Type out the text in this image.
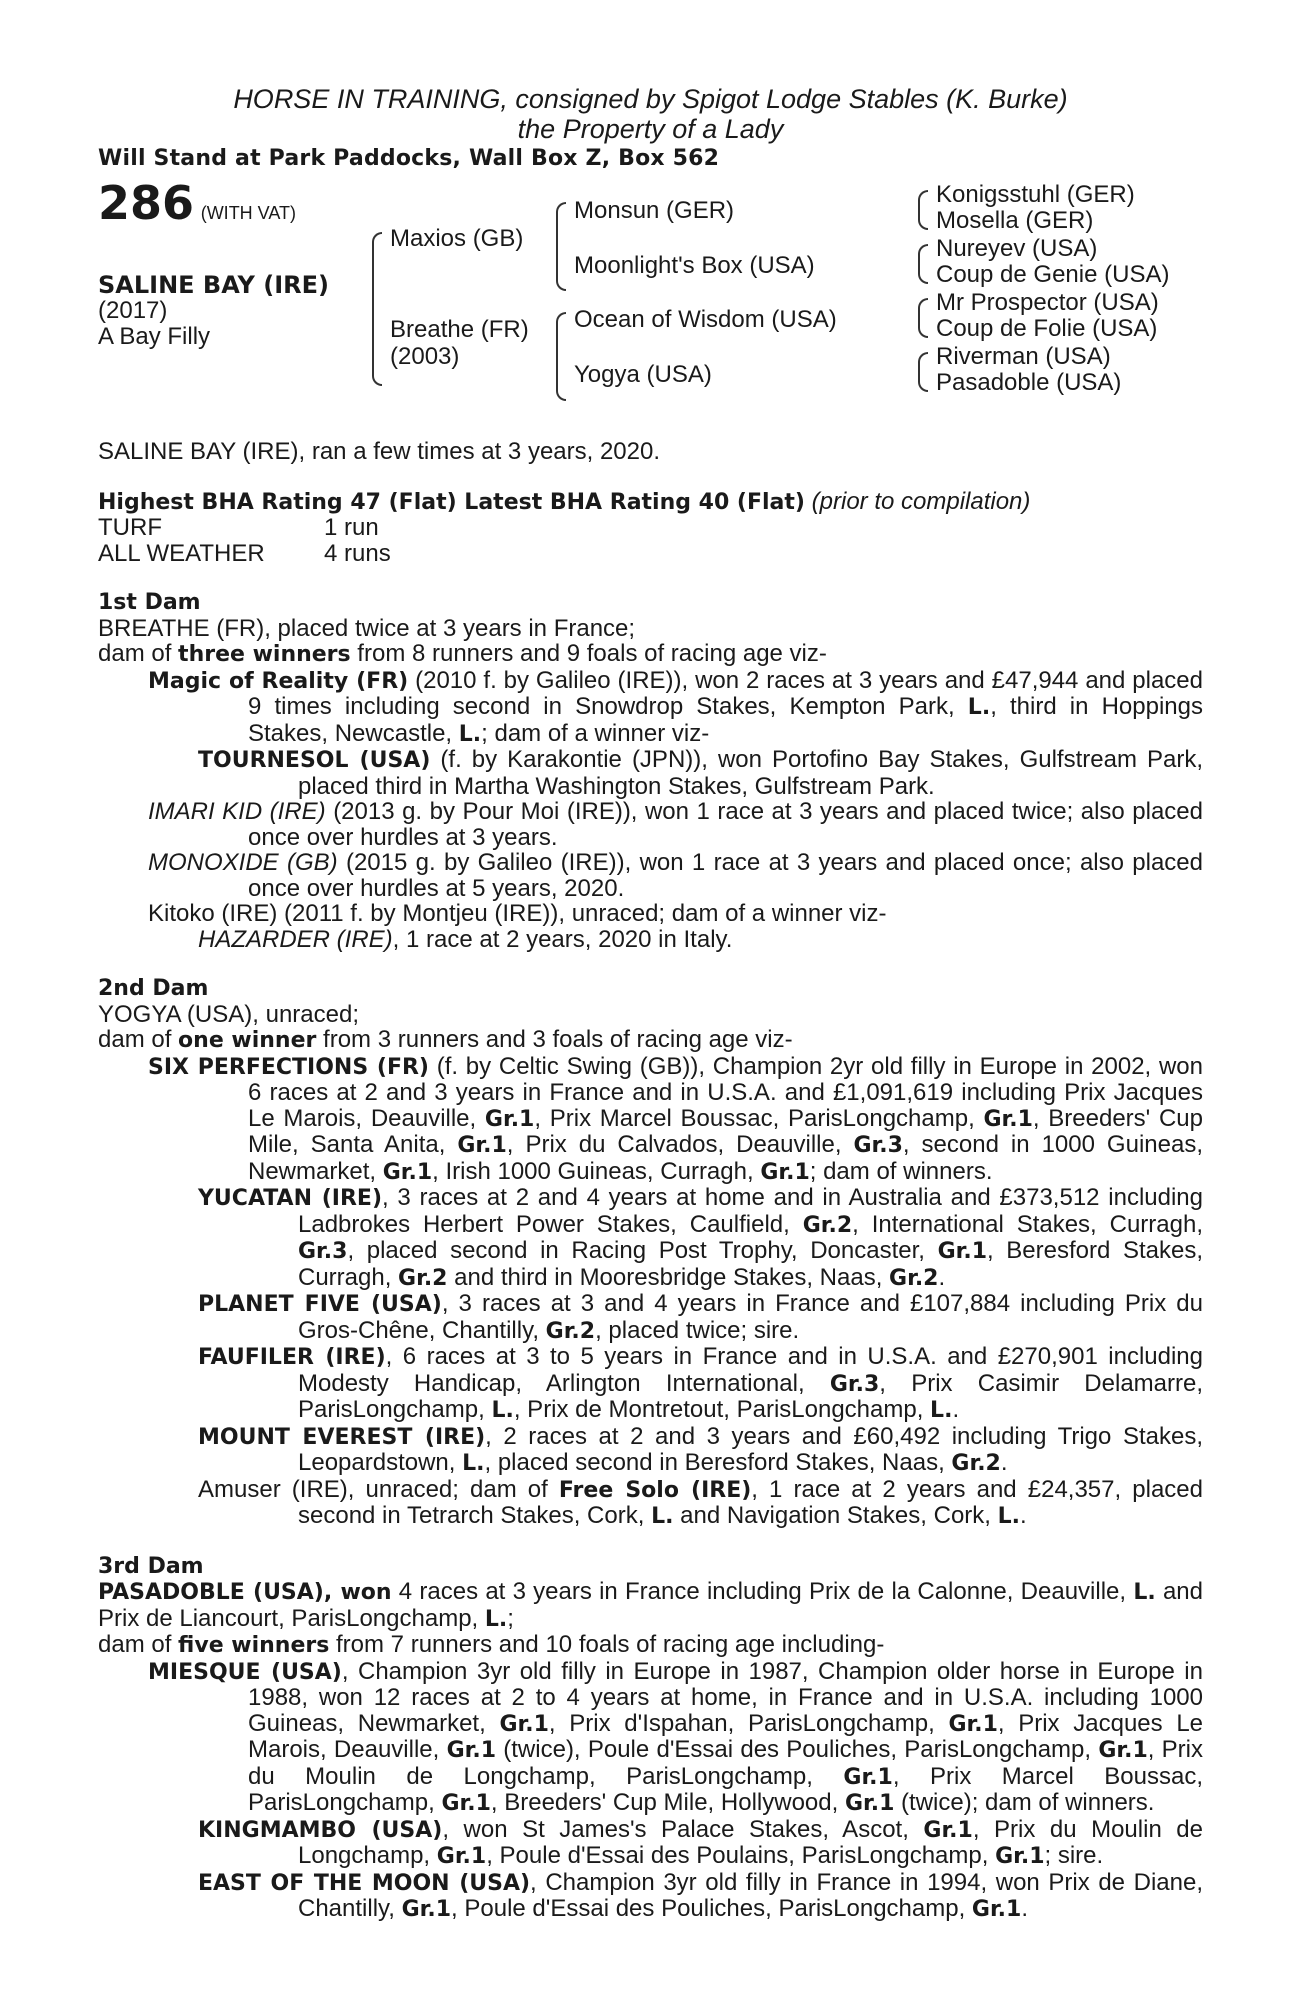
HORSE IN TRAINING, consigned by Spigot Lodge Stables (K. Burke)
the Property of a Lady
Will Stand at Park Paddocks, Wall Box Z, Box 562
286 (WITH VAT)
SALINE BAY (IRE)
(2017)
A Bay Filly
Maxios (GB)
Breathe (FR)
(2003)
Monsun (GER)
Moonlight's Box (USA)
Ocean of Wisdom (USA)
Yogya (USA)
Konigsstuhl (GER)
Mosella (GER)
Nureyev (USA)
Coup de Genie (USA)
Mr Prospector (USA)
Coup de Folie (USA)
Riverman (USA)
Pasadoble (USA)
SALINE BAY (IRE), ran a few times at 3 years, 2020.
Highest BHA Rating 47 (Flat) Latest BHA Rating 40 (Flat) (prior to compilation)
TURF	1 run
ALL WEATHER	4 runs
1st Dam
BREATHE (FR), placed twice at 3 years in France;
dam of three winners from 8 runners and 9 foals of racing age viz-
Magic of Reality (FR) (2010 f. by Galileo (IRE)), won 2 races at 3 years and £47,944 and placed 9 times including second in Snowdrop Stakes, Kempton Park, L., third in Hoppings Stakes, Newcastle, L.; dam of a winner viz-
TOURNESOL (USA) (f. by Karakontie (JPN)), won Portofino Bay Stakes, Gulfstream Park, placed third in Martha Washington Stakes, Gulfstream Park.
IMARI KID (IRE) (2013 g. by Pour Moi (IRE)), won 1 race at 3 years and placed twice; also placed once over hurdles at 3 years.
MONOXIDE (GB) (2015 g. by Galileo (IRE)), won 1 race at 3 years and placed once; also placed once over hurdles at 5 years, 2020.
Kitoko (IRE) (2011 f. by Montjeu (IRE)), unraced; dam of a winner viz-
HAZARDER (IRE), 1 race at 2 years, 2020 in Italy.
2nd Dam
YOGYA (USA), unraced;
dam of one winner from 3 runners and 3 foals of racing age viz-
SIX PERFECTIONS (FR) (f. by Celtic Swing (GB)), Champion 2yr old filly in Europe in 2002, won 6 races at 2 and 3 years in France and in U.S.A. and £1,091,619 including Prix Jacques Le Marois, Deauville, Gr.1, Prix Marcel Boussac, ParisLongchamp, Gr.1, Breeders' Cup Mile, Santa Anita, Gr.1, Prix du Calvados, Deauville, Gr.3, second in 1000 Guineas, Newmarket, Gr.1, Irish 1000 Guineas, Curragh, Gr.1; dam of winners.
YUCATAN (IRE), 3 races at 2 and 4 years at home and in Australia and £373,512 including Ladbrokes Herbert Power Stakes, Caulfield, Gr.2, International Stakes, Curragh, Gr.3, placed second in Racing Post Trophy, Doncaster, Gr.1, Beresford Stakes, Curragh, Gr.2 and third in Mooresbridge Stakes, Naas, Gr.2.
PLANET FIVE (USA), 3 races at 3 and 4 years in France and £107,884 including Prix du Gros-Chêne, Chantilly, Gr.2, placed twice; sire.
FAUFILER (IRE), 6 races at 3 to 5 years in France and in U.S.A. and £270,901 including Modesty Handicap, Arlington International, Gr.3, Prix Casimir Delamarre, ParisLongchamp, L., Prix de Montretout, ParisLongchamp, L..
MOUNT EVEREST (IRE), 2 races at 2 and 3 years and £60,492 including Trigo Stakes, Leopardstown, L., placed second in Beresford Stakes, Naas, Gr.2.
Amuser (IRE), unraced; dam of Free Solo (IRE), 1 race at 2 years and £24,357, placed second in Tetrarch Stakes, Cork, L. and Navigation Stakes, Cork, L..
3rd Dam
PASADOBLE (USA), won 4 races at 3 years in France including Prix de la Calonne, Deauville, L. and Prix de Liancourt, ParisLongchamp, L.;
dam of five winners from 7 runners and 10 foals of racing age including-
MIESQUE (USA), Champion 3yr old filly in Europe in 1987, Champion older horse in Europe in 1988, won 12 races at 2 to 4 years at home, in France and in U.S.A. including 1000 Guineas, Newmarket, Gr.1, Prix d'Ispahan, ParisLongchamp, Gr.1, Prix Jacques Le Marois, Deauville, Gr.1 (twice), Poule d'Essai des Pouliches, ParisLongchamp, Gr.1, Prix du Moulin de Longchamp, ParisLongchamp, Gr.1, Prix Marcel Boussac, ParisLongchamp, Gr.1, Breeders' Cup Mile, Hollywood, Gr.1 (twice); dam of winners.
KINGMAMBO (USA), won St James's Palace Stakes, Ascot, Gr.1, Prix du Moulin de Longchamp, Gr.1, Poule d'Essai des Poulains, ParisLongchamp, Gr.1; sire.
EAST OF THE MOON (USA), Champion 3yr old filly in France in 1994, won Prix de Diane, Chantilly, Gr.1, Poule d'Essai des Pouliches, ParisLongchamp, Gr.1.
